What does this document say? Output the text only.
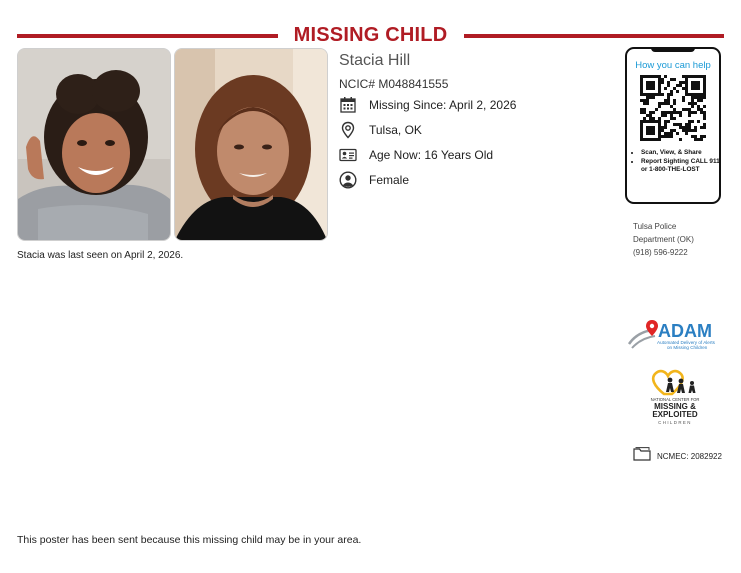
MISSING CHILD
Stacia Hill
NCIC# M048841555
Missing Since: April 2, 2026
Tulsa, OK
Age Now: 16 Years Old
Female
Stacia was last seen on April 2, 2026.
How you can help
• Scan, View, & Share
• Report Sighting CALL 911 or 1-800-THE-LOST
Tulsa Police
Department (OK)
(918) 596-9222
ADAM
Automated Delivery of Alerts
on Missing Children
NATIONAL CENTER FOR
MISSING &
EXPLOITED
CHILDREN
NCMEC: 2082922
This poster has been sent because this missing child may be in your area.
